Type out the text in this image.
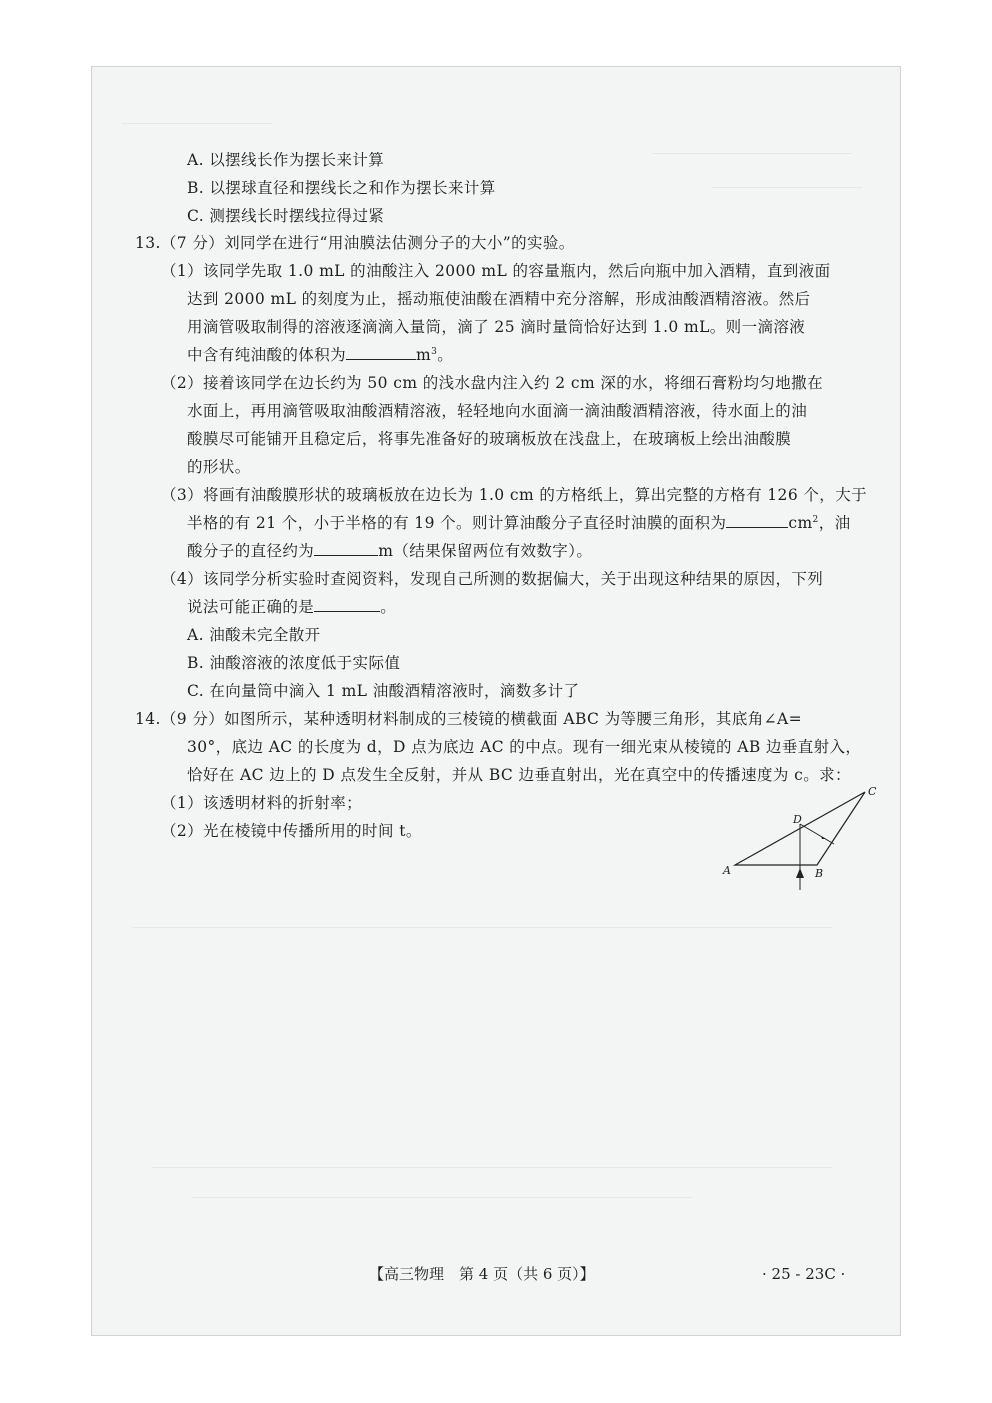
A. 以摆线长作为摆长来计算
B. 以摆球直径和摆线长之和作为摆长来计算
C. 测摆线长时摆线拉得过紧
13.（7 分）刘同学在进行“用油膜法估测分子的大小”的实验。
（1）该同学先取 1.0 mL 的油酸注入 2000 mL 的容量瓶内，然后向瓶中加入酒精，直到液面
达到 2000 mL 的刻度为止，摇动瓶使油酸在酒精中充分溶解，形成油酸酒精溶液。然后
用滴管吸取制得的溶液逐滴滴入量筒，滴了 25 滴时量筒恰好达到 1.0 mL。则一滴溶液
中含有纯油酸的体积为	$m^3$。
（2）接着该同学在边长约为 50 cm 的浅水盘内注入约 2 cm 深的水，将细石膏粉均匀地撒在
水面上，再用滴管吸取油酸酒精溶液，轻轻地向水面滴一滴油酸酒精溶液，待水面上的油
酸膜尽可能铺开且稳定后，将事先准备好的玻璃板放在浅盘上，在玻璃板上绘出油酸膜
的形状。
（3）将画有油酸膜形状的玻璃板放在边长为 1.0 cm 的方格纸上，算出完整的方格有 126 个，大于
半格的有 21 个，小于半格的有 19 个。则计算油酸分子直径时油膜的面积为	$cm^2$，油
酸分子的直径约为	m（结果保留两位有效数字）。
（4）该同学分析实验时查阅资料，发现自己所测的数据偏大，关于出现这种结果的原因，下列
说法可能正确的是	。
A. 油酸未完全散开
B. 油酸溶液的浓度低于实际值
C. 在向量筒中滴入 1 mL 油酸酒精溶液时，滴数多计了
14.（9 分）如图所示，某种透明材料制成的三棱镜的横截面 ABC 为等腰三角形，其底角∠A=
30°，底边 AC 的长度为 d，D 点为底边 AC 的中点。现有一细光束从棱镜的 AB 边垂直射入，
恰好在 AC 边上的 D 点发生全反射，并从 BC 边垂直射出，光在真空中的传播速度为 c。求：
（1）该透明材料的折射率；
（2）光在棱镜中传播所用的时间 t。
C
D
A	B
【高三物理　第 4 页（共 6 页）】	· 25 - 23C ·
